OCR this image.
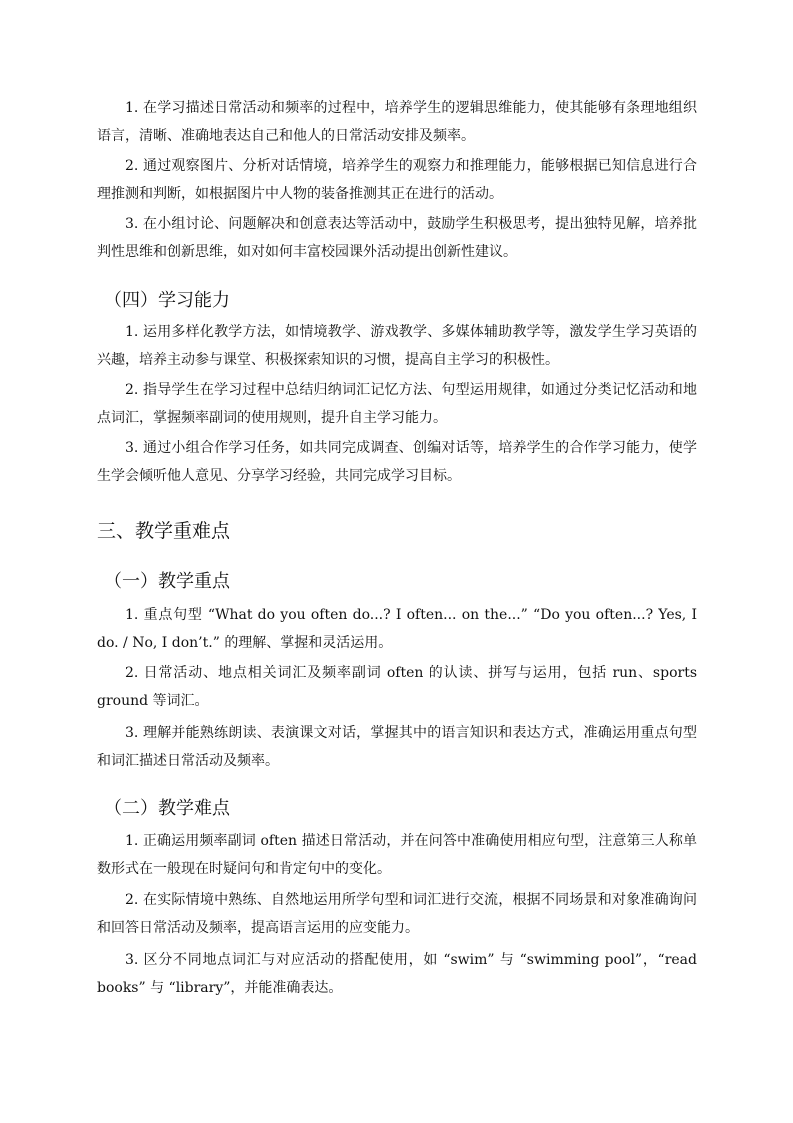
1. 在学习描述日常活动和频率的过程中，培养学生的逻辑思维能力，使其能够有条理地组织语言，清晰、准确地表达自己和他人的日常活动安排及频率。

2. 通过观察图片、分析对话情境，培养学生的观察力和推理能力，能够根据已知信息进行合理推测和判断，如根据图片中人物的装备推测其正在进行的活动。

3. 在小组讨论、问题解决和创意表达等活动中，鼓励学生积极思考，提出独特见解，培养批判性思维和创新思维，如对如何丰富校园课外活动提出创新性建议。

（四）学习能力

1. 运用多样化教学方法，如情境教学、游戏教学、多媒体辅助教学等，激发学生学习英语的兴趣，培养主动参与课堂、积极探索知识的习惯，提高自主学习的积极性。

2. 指导学生在学习过程中总结归纳词汇记忆方法、句型运用规律，如通过分类记忆活动和地点词汇，掌握频率副词的使用规则，提升自主学习能力。

3. 通过小组合作学习任务，如共同完成调查、创编对话等，培养学生的合作学习能力，使学生学会倾听他人意见、分享学习经验，共同完成学习目标。

三、教学重难点
（一）教学重点

1. 重点句型 “What do you often do...? I often... on the...” “Do you often...? Yes, I do. / No, I don’t.” 的理解、掌握和灵活运用。

2. 日常活动、地点相关词汇及频率副词 often 的认读、拼写与运用，包括 run、sports ground 等词汇。

3. 理解并能熟练朗读、表演课文对话，掌握其中的语言知识和表达方式，准确运用重点句型和词汇描述日常活动及频率。

（二）教学难点

1. 正确运用频率副词 often 描述日常活动，并在问答中准确使用相应句型，注意第三人称单数形式在一般现在时疑问句和肯定句中的变化。

2. 在实际情境中熟练、自然地运用所学句型和词汇进行交流，根据不同场景和对象准确询问和回答日常活动及频率，提高语言运用的应变能力。

3. 区分不同地点词汇与对应活动的搭配使用，如 “swim” 与 “swimming pool”，“read books” 与 “library”，并能准确表达。
